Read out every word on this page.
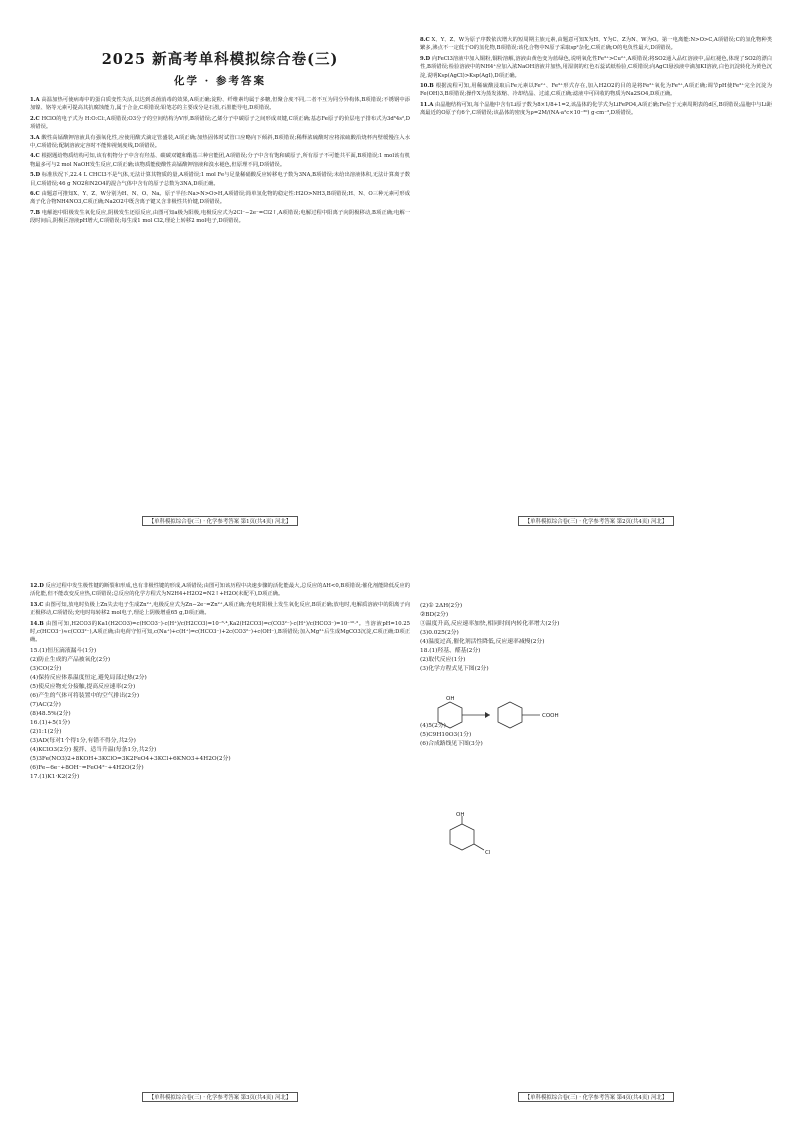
2025 新高考单科模拟综合卷(三)
化学 · 参考答案

1.A 高温加热可使病毒中的蛋白质变性失活,以达到杀菌消毒的效果,A项正确;淀粉、纤维素均属于多糖,但聚合度不同,二者不互为同分异构体,B项错误;不锈钢中添加镍、铬等元素可提高其抗腐蚀能力,属于合金,C项错误;铅笔芯的主要成分是石墨,石墨能导电,D项错误。

2.C HClO的电子式为 H:O:Cl:,A项错误;O3分子的空间结构为V形,B项错误;乙烯分子中碳原子之间形成双键,C项正确;基态Fe原子的价层电子排布式为3d⁶4s²,D项错误。

3.A 酸性高锰酸钾溶液具有强氧化性,应使用酸式滴定管盛装,A项正确;加热固体时试管口应略向下倾斜,B项错误;稀释浓硫酸时应将浓硫酸沿烧杯内壁缓慢注入水中,C项错误;配制溶液定容时不能仰视刻度线,D项错误。

4.C 根据题给物质结构可知,该有机物分子中含有羟基、碳碳双键和酯基三种官能团,A项错误;分子中含有饱和碳原子,所有原子不可能共平面,B项错误;1 mol该有机物最多可与2 mol NaOH发生反应,C项正确;该物质能使酸性高锰酸钾溶液和溴水褪色,但原理不同,D项错误。

5.D 标准状况下,22.4 L CHCl3不是气体,无法计算其物质的量,A项错误;1 mol Fe与足量稀硝酸反应转移电子数为3NA,B项错误;未给出溶液体积,无法计算离子数目,C项错误;46 g NO2和N2O4的混合气体中含有的原子总数为3NA,D项正确。

6.C 由题意可推知X、Y、Z、W分别为H、N、O、Na。原子半径:Na>N>O>H,A项错误;简单氢化物的稳定性:H2O>NH3,B项错误;H、N、O三种元素可形成离子化合物NH4NO3,C项正确;Na2O2中既含离子键又含非极性共价键,D项错误。

7.B 电解池中阳极发生氧化反应,阴极发生还原反应,由图可知a极为阳极,电极反应式为2Cl⁻−2e⁻=Cl2↑,A项错误;电解过程中阳离子向阴极移动,B项正确;电解一段时间后,阴极区溶液pH增大,C项错误;每生成1 mol Cl2,理论上转移2 mol电子,D项错误。

【单科模拟综合卷(三) · 化学参考答案 第1页(共4页) 河北】

8.C X、Y、Z、W为原子序数依次增大的短周期主族元素,由题意可知X为H、Y为C、Z为N、W为O。第一电离能:N>O>C,A项错误;C的氢化物种类繁多,沸点不一定低于O的氢化物,B项错误;该化合物中N原子采取sp²杂化,C项正确;O的电负性最大,D项错误。

9.D 向FeCl3溶液中加入铜粉,铜粉溶解,溶液由黄色变为蓝绿色,说明氧化性Fe³⁺>Cu²⁺,A项错误;将SO2通入品红溶液中,品红褪色,体现了SO2的漂白性,B项错误;检验溶液中的NH4⁺应加入浓NaOH溶液并加热,用湿润的红色石蕊试纸检验,C项错误;向AgCl悬浊液中滴加KI溶液,白色沉淀转化为黄色沉淀,说明Ksp(AgCl)>Ksp(AgI),D项正确。

10.B 根据流程可知,用稀硫酸浸取后Fe元素以Fe²⁺、Fe³⁺形式存在,加入H2O2的目的是将Fe²⁺氧化为Fe³⁺,A项正确;调节pH使Fe³⁺完全沉淀为Fe(OH)3,B项错误;操作X为蒸发浓缩、冷却结晶、过滤,C项正确;滤液中可回收的物质为Na2SO4,D项正确。

11.A 由晶胞结构可知,每个晶胞中含有Li原子数为8×1/8+1=2,该晶体的化学式为LiFePO4,A项正确;Fe位于元素周期表的d区,B项错误;晶胞中与Li距离最近的O原子有6个,C项错误;该晶体的密度为ρ=2M/(NA·a²c×10⁻³⁰) g·cm⁻³,D项错误。

【单科模拟综合卷(三) · 化学参考答案 第2页(共4页) 河北】

12.D 反应过程中发生极性键的断裂和形成,也有非极性键的形成,A项错误;由图可知该历程中决速步骤的活化能最大,总反应的ΔH<0,B项错误;催化剂能降低反应的活化能,但不能改变反应热,C项错误;总反应的化学方程式为N2H4+H2O2=N2↑+H2O(未配平),D项正确。

13.C 由图可知,放电时负极上Zn失去电子生成Zn²⁺,电极反应式为Zn−2e⁻=Zn²⁺,A项正确;充电时阳极上发生氧化反应,B项正确;放电时,电解质溶液中的阳离子向正极移动,C项错误;充电时每转移2 mol电子,理论上阴极增重65 g,D项正确。

14.B 由图可知,H2CO3的Ka1(H2CO3)=c(HCO3⁻)·c(H⁺)/c(H2CO3)=10⁻⁶·⁴,Ka2(H2CO3)=c(CO3²⁻)·c(H⁺)/c(HCO3⁻)=10⁻¹⁰·³。当溶液pH=10.25时,c(HCO3⁻)≈c(CO3²⁻),A项正确;由电荷守恒可知,c(Na⁺)+c(H⁺)=c(HCO3⁻)+2c(CO3²⁻)+c(OH⁻),B项错误;加入Mg²⁺后生成MgCO3沉淀,C项正确;D项正确。

15.(1)恒压滴液漏斗(1分)

(2)防止生成的产品被氧化(2分)

(3)CO(2分)

(4)保持反应体系温度恒定,避免局部过热(2分)

(5)使反应物充分接触,提高反应速率(2分)

(6)产生的气体可将装置中的空气排出(2分)

(7)AC(2分)

(8)48.5%(2分)

16.(1)+5(1分)

(2)1:1(2分)

(3)AD(每对1个得1分,有错不得分,共2分)

(4)KClO3(2分) 搅拌、适当升温(每条1分,共2分)

(5)3Fe(NO3)2+8KOH+3KClO=3K2FeO4+3KCl+6KNO3+4H2O(2分)

(6)Fe−6e⁻+8OH⁻=FeO4²⁻+4H2O(2分)

17.(1)K1·K2(2分)

【单科模拟综合卷(三) · 化学参考答案 第3页(共4页) 河北】

(2)① 2ΔH(2分)

②BD(2分)

③温度升高,反应速率加快,相同时间内转化率增大(2分)

(3)0.025(2分)

(4)温度过高,催化剂活性降低,反应速率减慢(2分)

18.(1)羟基、醛基(2分)

(2)取代反应(1分)

(3)化学方程式见下图(2分)

COOH
OH

(4)5(2分)

(5)C9H10O3(1分)

(6)合成路线见下图(3分)

OH
Cl
【单科模拟综合卷(三) · 化学参考答案 第4页(共4页) 河北】
